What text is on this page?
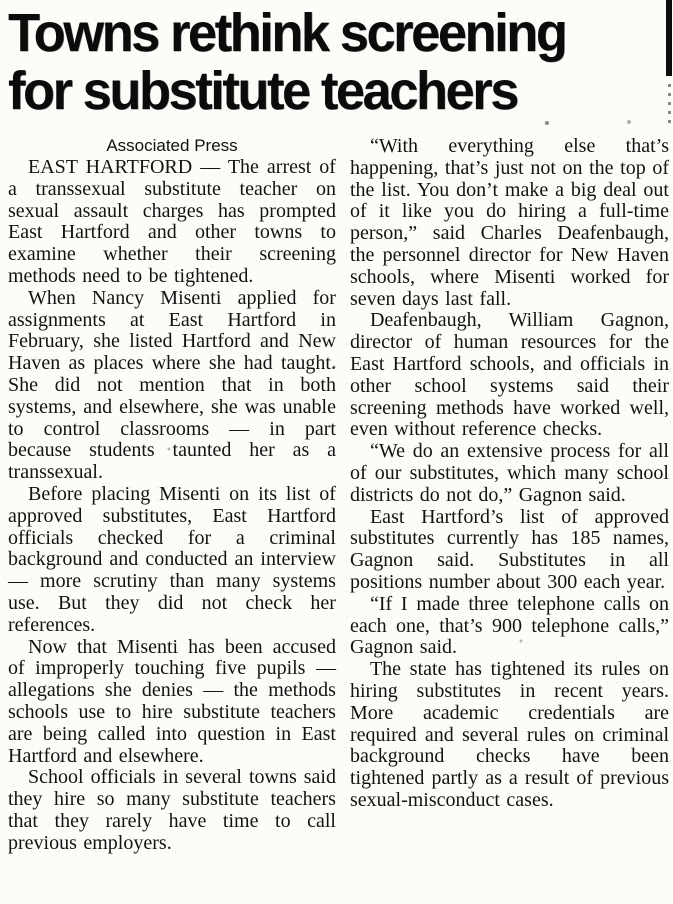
Towns rethink screening
for substitute teachers
Associated Press

EAST HARTFORD — The arrest of a transsexual substitute teacher on sexual assault charges has prompted East Hartford and other towns to examine whether their screening methods need to be tightened.

When Nancy Misenti applied for assignments at East Hartford in February, she listed Hartford and New Haven as places where she had taught. She did not mention that in both systems, and elsewhere, she was unable to control classrooms — in part because students taunted her as a transsexual.

Before placing Misenti on its list of approved substitutes, East Hartford officials checked for a criminal background and conducted an interview — more scrutiny than many systems use. But they did not check her references.

Now that Misenti has been accused of improperly touching five pupils — allegations she denies — the methods schools use to hire substitute teachers are being called into question in East Hartford and elsewhere.

School officials in several towns said they hire so many substitute teachers that they rarely have time to call previous employers.

“With everything else that’s happening, that’s just not on the top of the list. You don’t make a big deal out of it like you do hiring a full-time person,” said Charles Deafenbaugh, the personnel director for New Haven schools, where Misenti worked for seven days last fall.

Deafenbaugh, William Gagnon, director of human resources for the East Hartford schools, and officials in other school systems said their screening methods have worked well, even without reference checks.

“We do an extensive process for all of our substitutes, which many school districts do not do,” Gagnon said.

East Hartford’s list of approved substitutes currently has 185 names, Gagnon said. Substitutes in all positions number about 300 each year.

“If I made three telephone calls on each one, that’s 900 telephone calls,” Gagnon said.

The state has tightened its rules on hiring substitutes in recent years. More academic credentials are required and several rules on criminal background checks have been tightened partly as a result of previous sexual-misconduct cases.
